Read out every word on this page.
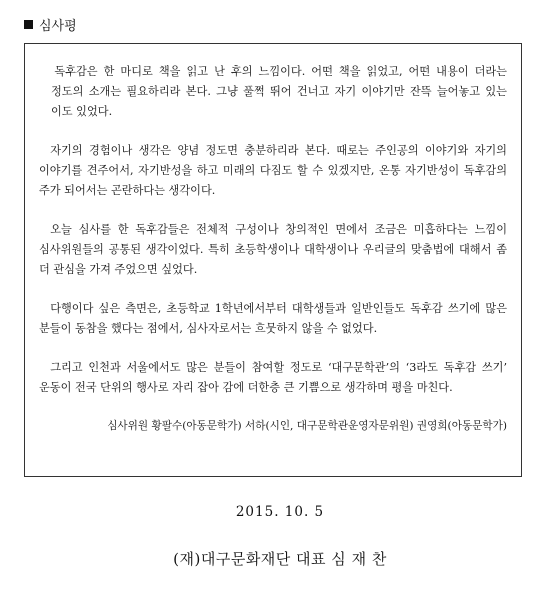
심사평

독후감은 한 마디로 책을 읽고 난 후의 느낌이다. 어떤 책을 읽었고, 어떤 내용이 더라는 정도의 소개는 필요하리라 본다. 그냥 풀쩍 뛰어 건너고 자기 이야기만 잔뜩 늘어놓고 있는 이도 있었다.

자기의 경험이나 생각은 양념 정도면 충분하리라 본다. 때로는 주인공의 이야기와 자기의 이야기를 견주어서, 자기반성을 하고 미래의 다짐도 할 수 있겠지만, 온통 자기반성이 독후감의 주가 되어서는 곤란하다는 생각이다.

오늘 심사를 한 독후감들은 전체적 구성이나 창의적인 면에서 조금은 미흡하다는 느낌이 심사위원들의 공통된 생각이었다. 특히 초등학생이나 대학생이나 우리글의 맞춤법에 대해서 좀 더 관심을 가져 주었으면 싶었다.

다행이다 싶은 측면은, 초등학교 1학년에서부터 대학생들과 일반인들도 독후감 쓰기에 많은 분들이 동참을 했다는 점에서, 심사자로서는 흐뭇하지 않을 수 없었다.

그리고 인천과 서울에서도 많은 분들이 참여할 정도로 ‘대구문학관’의 ‘3라도 독후감 쓰기’ 운동이 전국 단위의 행사로 자리 잡아 감에 더한층 큰 기쁨으로 생각하며 평을 마친다.

심사위원 황팔수(아동문학가) 서하(시인, 대구문학관운영자문위원) 권영희(아동문학가)
2015. 10. 5
(재)대구문화재단 대표 심 재 찬
